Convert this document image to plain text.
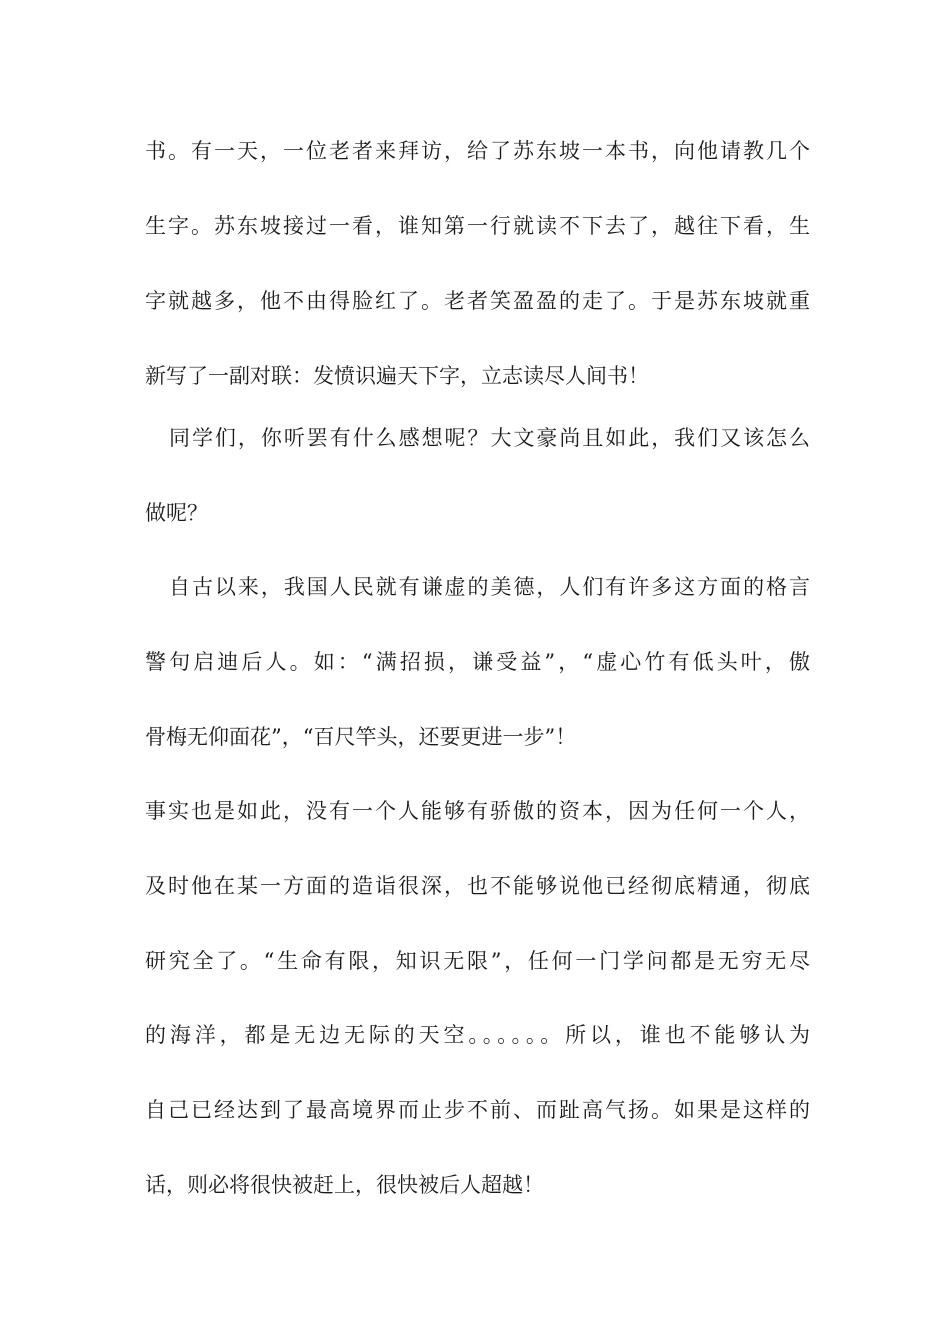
书。有一天，一位老者来拜访，给了苏东坡一本书，向他请教几个
生字。苏东坡接过一看，谁知第一行就读不下去了，越往下看，生
字就越多，他不由得脸红了。老者笑盈盈的走了。于是苏东坡就重
新写了一副对联：发愤识遍天下字，立志读尽人间书！
同学们，你听罢有什么感想呢？大文豪尚且如此，我们又该怎么
做呢？
自古以来，我国人民就有谦虚的美德，人们有许多这方面的格言
警句启迪后人。如：“满招损，谦受益”，“虚心竹有低头叶，傲
骨梅无仰面花”，“百尺竿头，还要更进一步”！
事实也是如此，没有一个人能够有骄傲的资本，因为任何一个人，
及时他在某一方面的造诣很深，也不能够说他已经彻底精通，彻底
研究全了。“生命有限，知识无限”，任何一门学问都是无穷无尽
的海洋，都是无边无际的天空。。。。。。所以，谁也不能够认为
自己已经达到了最高境界而止步不前、而趾高气扬。如果是这样的
话，则必将很快被赶上，很快被后人超越！
